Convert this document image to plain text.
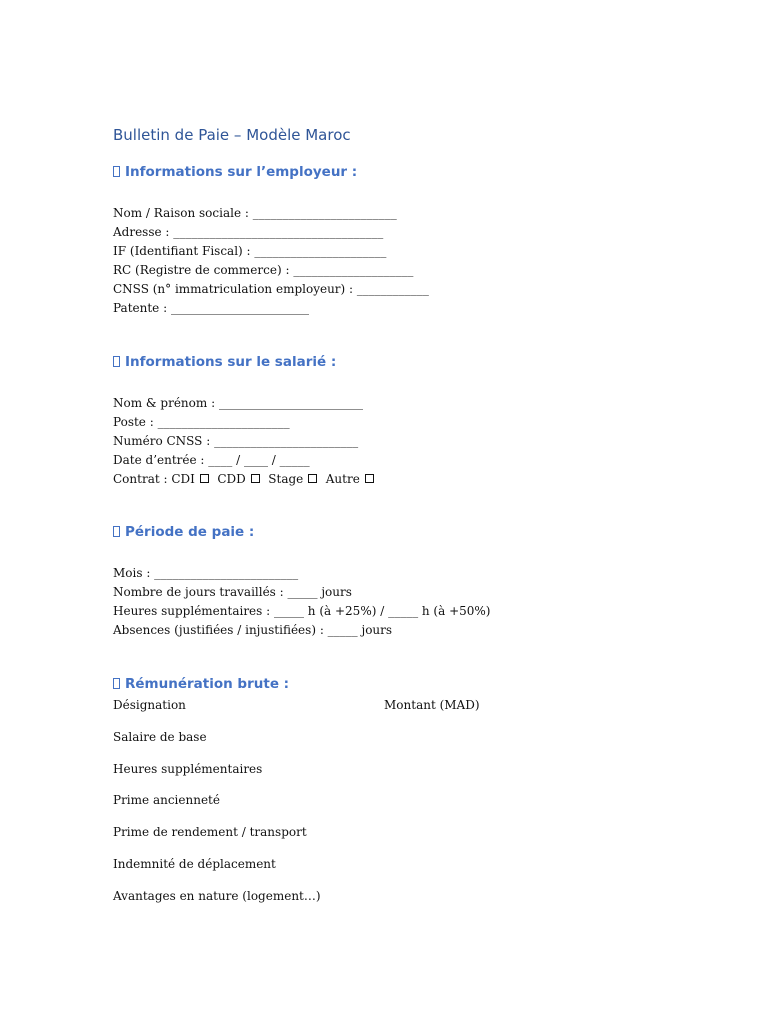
Bulletin de Paie – Modèle Maroc
Informations sur l’employeur :
Nom / Raison sociale : ________________________
Adresse : ___________________________________
IF (Identifiant Fiscal) : ______________________
RC (Registre de commerce) : ____________________
CNSS (n° immatriculation employeur) : ____________
Patente : _______________________
Informations sur le salarié :
Nom & prénom : ________________________
Poste : ______________________
Numéro CNSS : ________________________
Date d’entrée : ____ / ____ / _____
Contrat : CDI CDD Stage Autre
Période de paie :
Mois : ________________________
Nombre de jours travaillés : _____ jours
Heures supplémentaires : _____ h (à +25%) / _____ h (à +50%)
Absences (justifiées / injustifiées) : _____ jours
Rémunération brute :
Désignation	Montant (MAD)
Salaire de base
Heures supplémentaires
Prime ancienneté
Prime de rendement / transport
Indemnité de déplacement
Avantages en nature (logement…)
